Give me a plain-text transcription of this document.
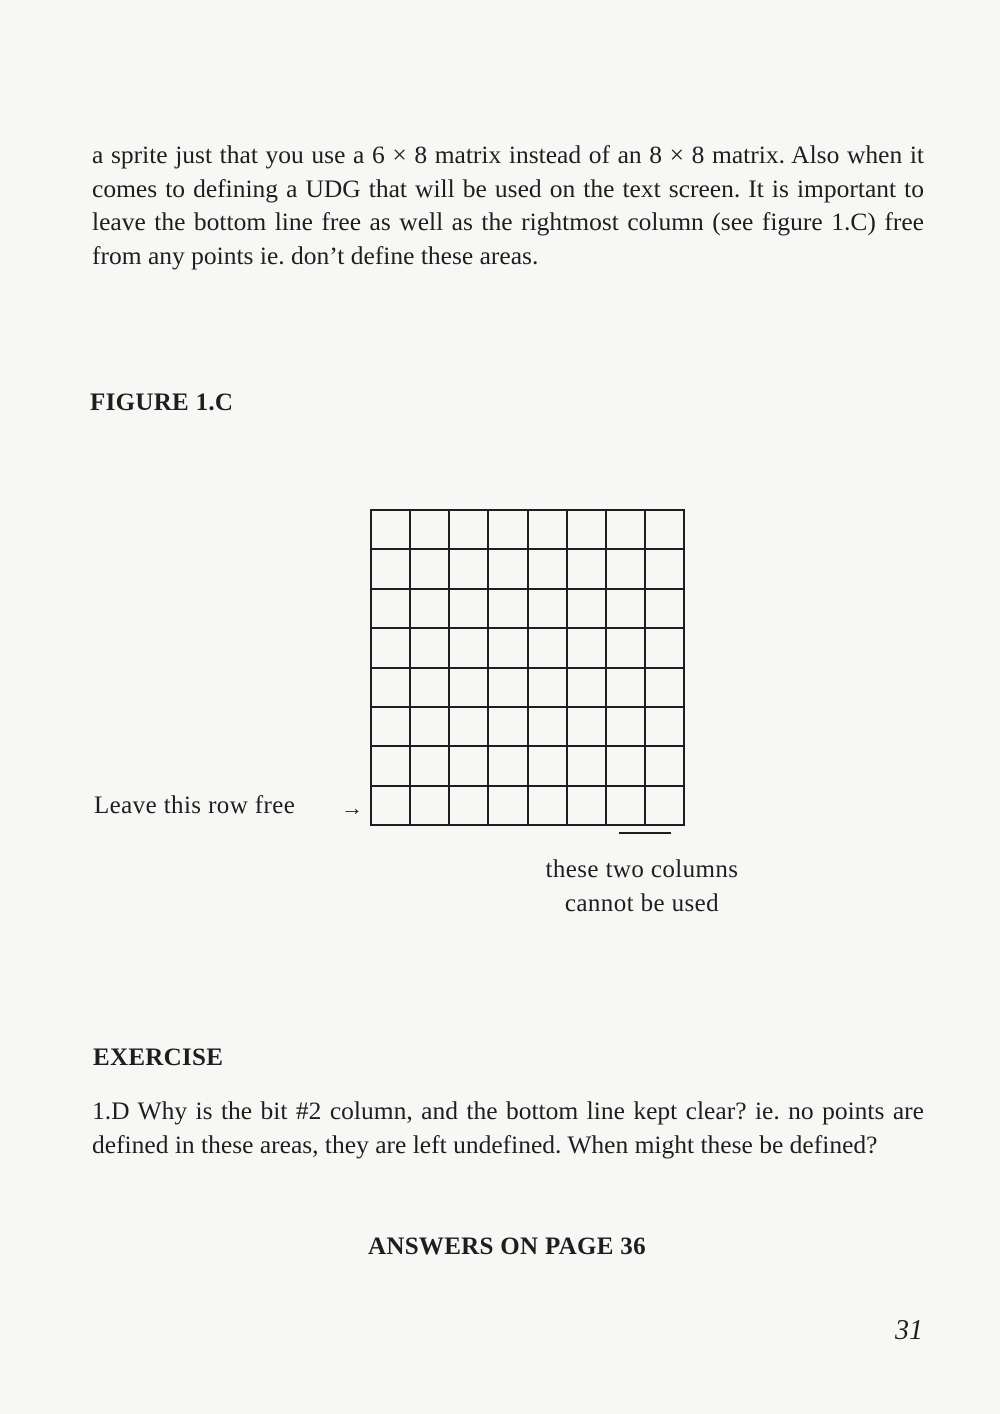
a sprite just that you use a 6 × 8 matrix instead of an 8 × 8 matrix. Also when it comes to defining a UDG that will be used on the text screen. It is important to leave the bottom line free as well as the rightmost column (see figure 1.C) free from any points ie. don’t define these areas.

FIGURE 1.C

Leave this row free →
these two columns
cannot be used

EXERCISE

1.D Why is the bit #2 column, and the bottom line kept clear? ie. no points are defined in these areas, they are left undefined. When might these be defined?

ANSWERS ON PAGE 36
31
